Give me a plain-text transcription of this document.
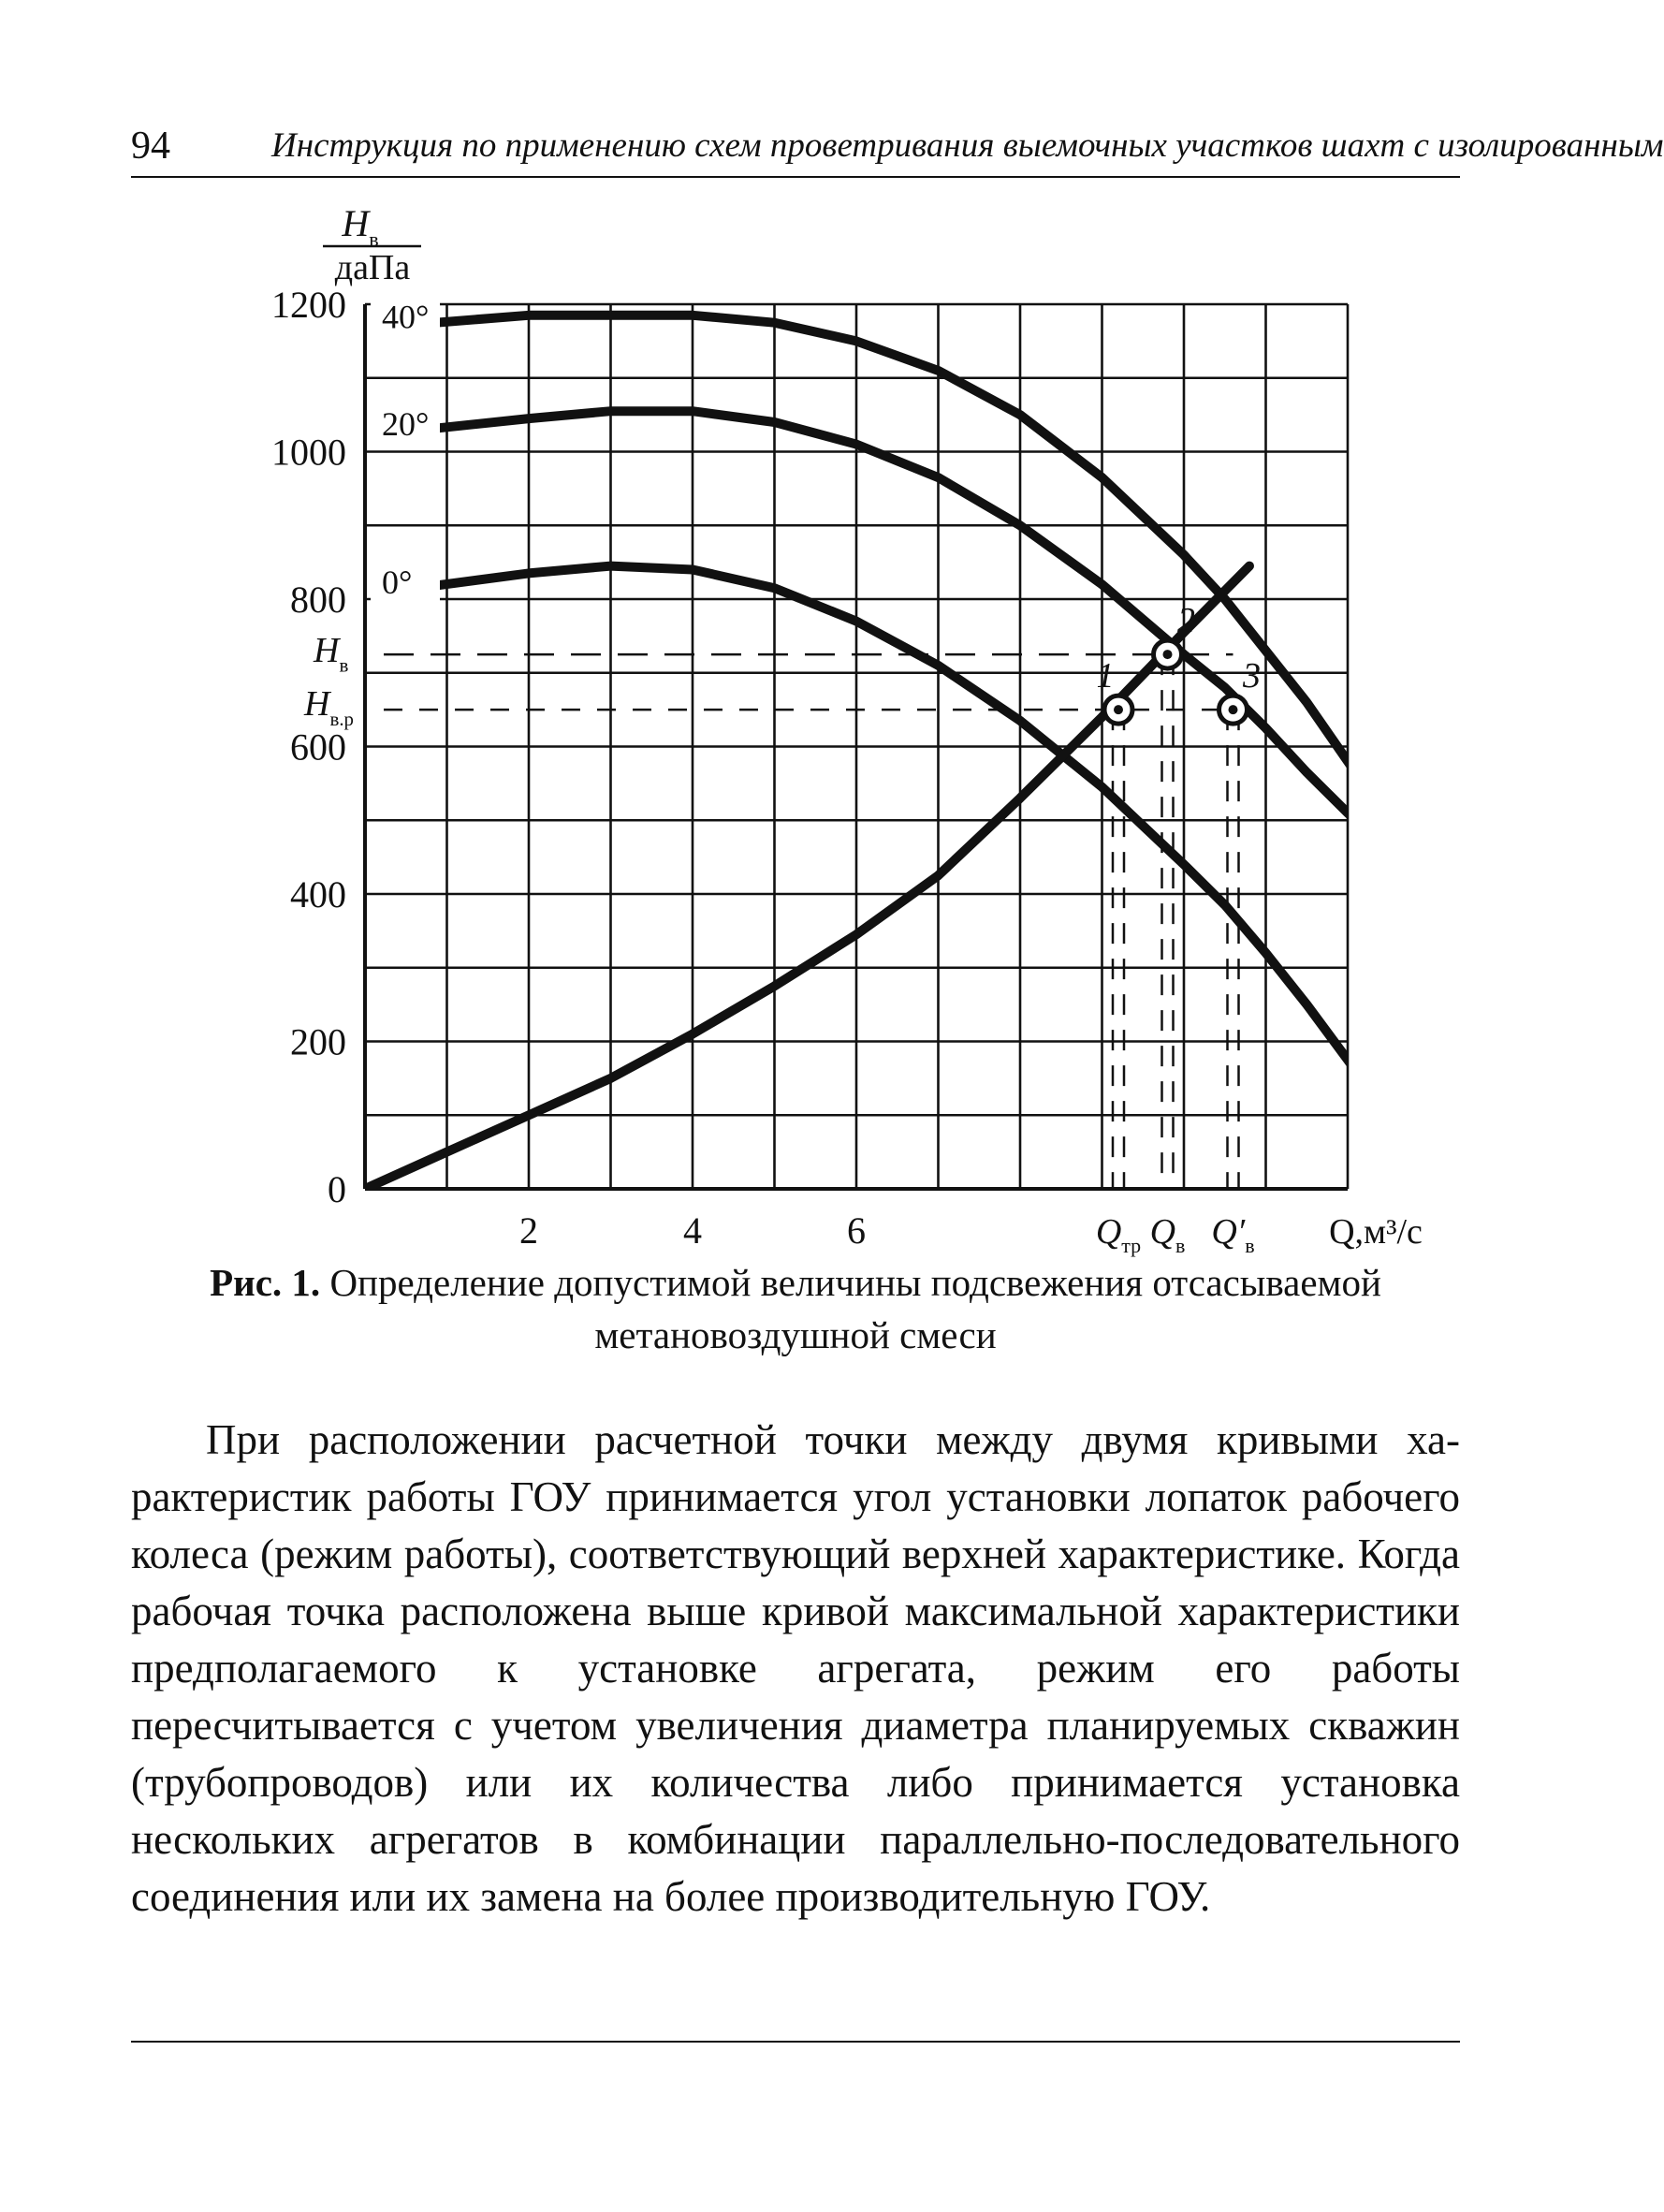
94	Инструкция по применению схем проветривания выемочных участков шахт с изолированным
0
200
400
600
800
1000
1200
2	4	6
$H_в$
даПа
Q,м³/с
$Н_в$
$Н_{в.р}$
$Q_{тр}$ $Q_в$ $Q'_в$
40°
20°
0°
1
2
3
Рис. 1. Определение допустимой величины подсвежения отсасываемой метановоздушной смеси
При расположении расчетной точки между двумя кривыми характеристик работы ГОУ принимается угол установки лопаток рабочего колеса (режим работы), соответствующий верхней характеристике. Когда рабочая точка расположена выше кривой максимальной характеристики предполагаемого к установке агрегата, режим его работы пересчитывается с учетом увеличения диаметра планируемых скважин (трубопроводов) или их количества либо принимается установка нескольких агрегатов в комбинации параллельно-последовательного соединения или их замена на более производительную ГОУ.
